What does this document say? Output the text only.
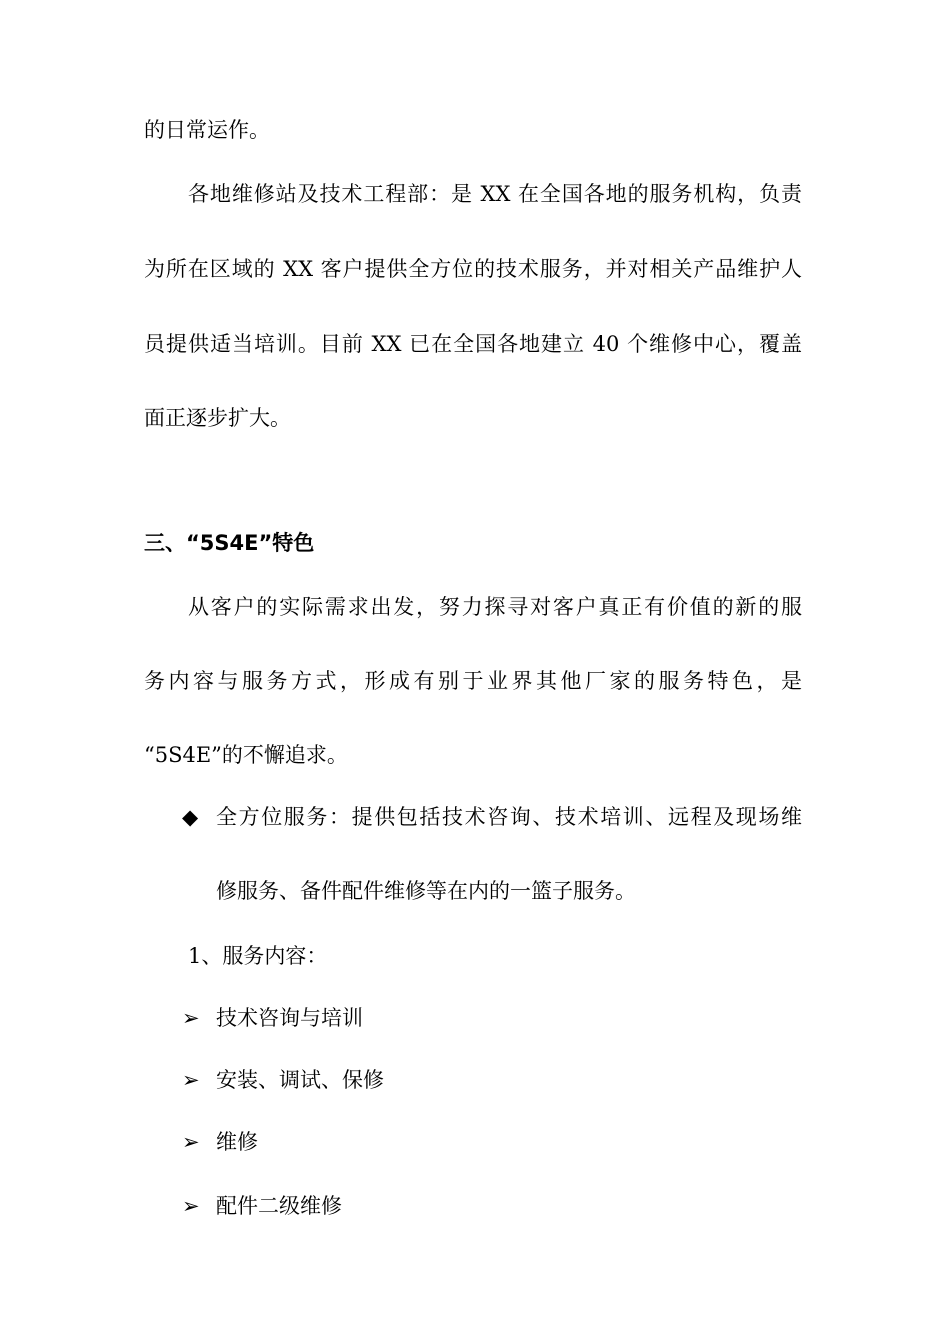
的日常运作。
各地维修站及技术工程部：是 XX 在全国各地的服务机构，负责
为所在区域的 XX 客户提供全方位的技术服务，并对相关产品维护人
员提供适当培训。目前 XX 已在全国各地建立 40 个维修中心，覆盖
面正逐步扩大。
三、“5S4E”特色
从客户的实际需求出发，努力探寻对客户真正有价值的新的服
务内容与服务方式，形成有别于业界其他厂家的服务特色，是
“5S4E”的不懈追求。
◆ 全方位服务：提供包括技术咨询、技术培训、远程及现场维
修服务、备件配件维修等在内的一篮子服务。
1、服务内容：
➢ 技术咨询与培训
➢ 安装、调试、保修
➢ 维修
➢ 配件二级维修
